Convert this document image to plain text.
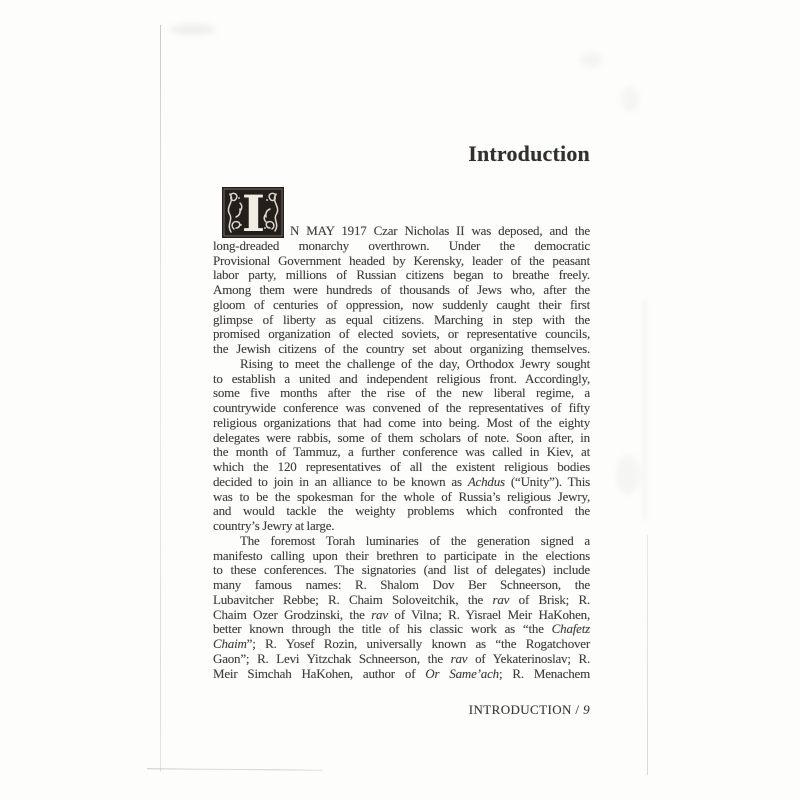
Introduction
I	N MAY 1917 Czar Nicholas II was deposed, and the
long-dreaded monarchy overthrown. Under the democratic
Provisional Government headed by Kerensky, leader of the peasant
labor party, millions of Russian citizens began to breathe freely.
Among them were hundreds of thousands of Jews who, after the
gloom of centuries of oppression, now suddenly caught their first
glimpse of liberty as equal citizens. Marching in step with the
promised organization of elected soviets, or representative councils,
the Jewish citizens of the country set about organizing themselves.
Rising to meet the challenge of the day, Orthodox Jewry sought
to establish a united and independent religious front. Accordingly,
some five months after the rise of the new liberal regime, a
countrywide conference was convened of the representatives of fifty
religious organizations that had come into being. Most of the eighty
delegates were rabbis, some of them scholars of note. Soon after, in
the month of Tammuz, a further conference was called in Kiev, at
which the 120 representatives of all the existent religious bodies
decided to join in an alliance to be known as Achdus (“Unity”). This
was to be the spokesman for the whole of Russia’s religious Jewry,
and would tackle the weighty problems which confronted the
country’s Jewry at large.
The foremost Torah luminaries of the generation signed a
manifesto calling upon their brethren to participate in the elections
to these conferences. The signatories (and list of delegates) include
many famous names: R. Shalom Dov Ber Schneerson, the
Lubavitcher Rebbe; R. Chaim Soloveitchik, the rav of Brisk; R.
Chaim Ozer Grodzinski, the rav of Vilna; R. Yisrael Meir HaKohen,
better known through the title of his classic work as “the Chafetz
Chaim”; R. Yosef Rozin, universally known as “the Rogatchover
Gaon”; R. Levi Yitzchak Schneerson, the rav of Yekaterinoslav; R.
Meir Simchah HaKohen, author of Or Same’ach; R. Menachem
INTRODUCTION / 9
